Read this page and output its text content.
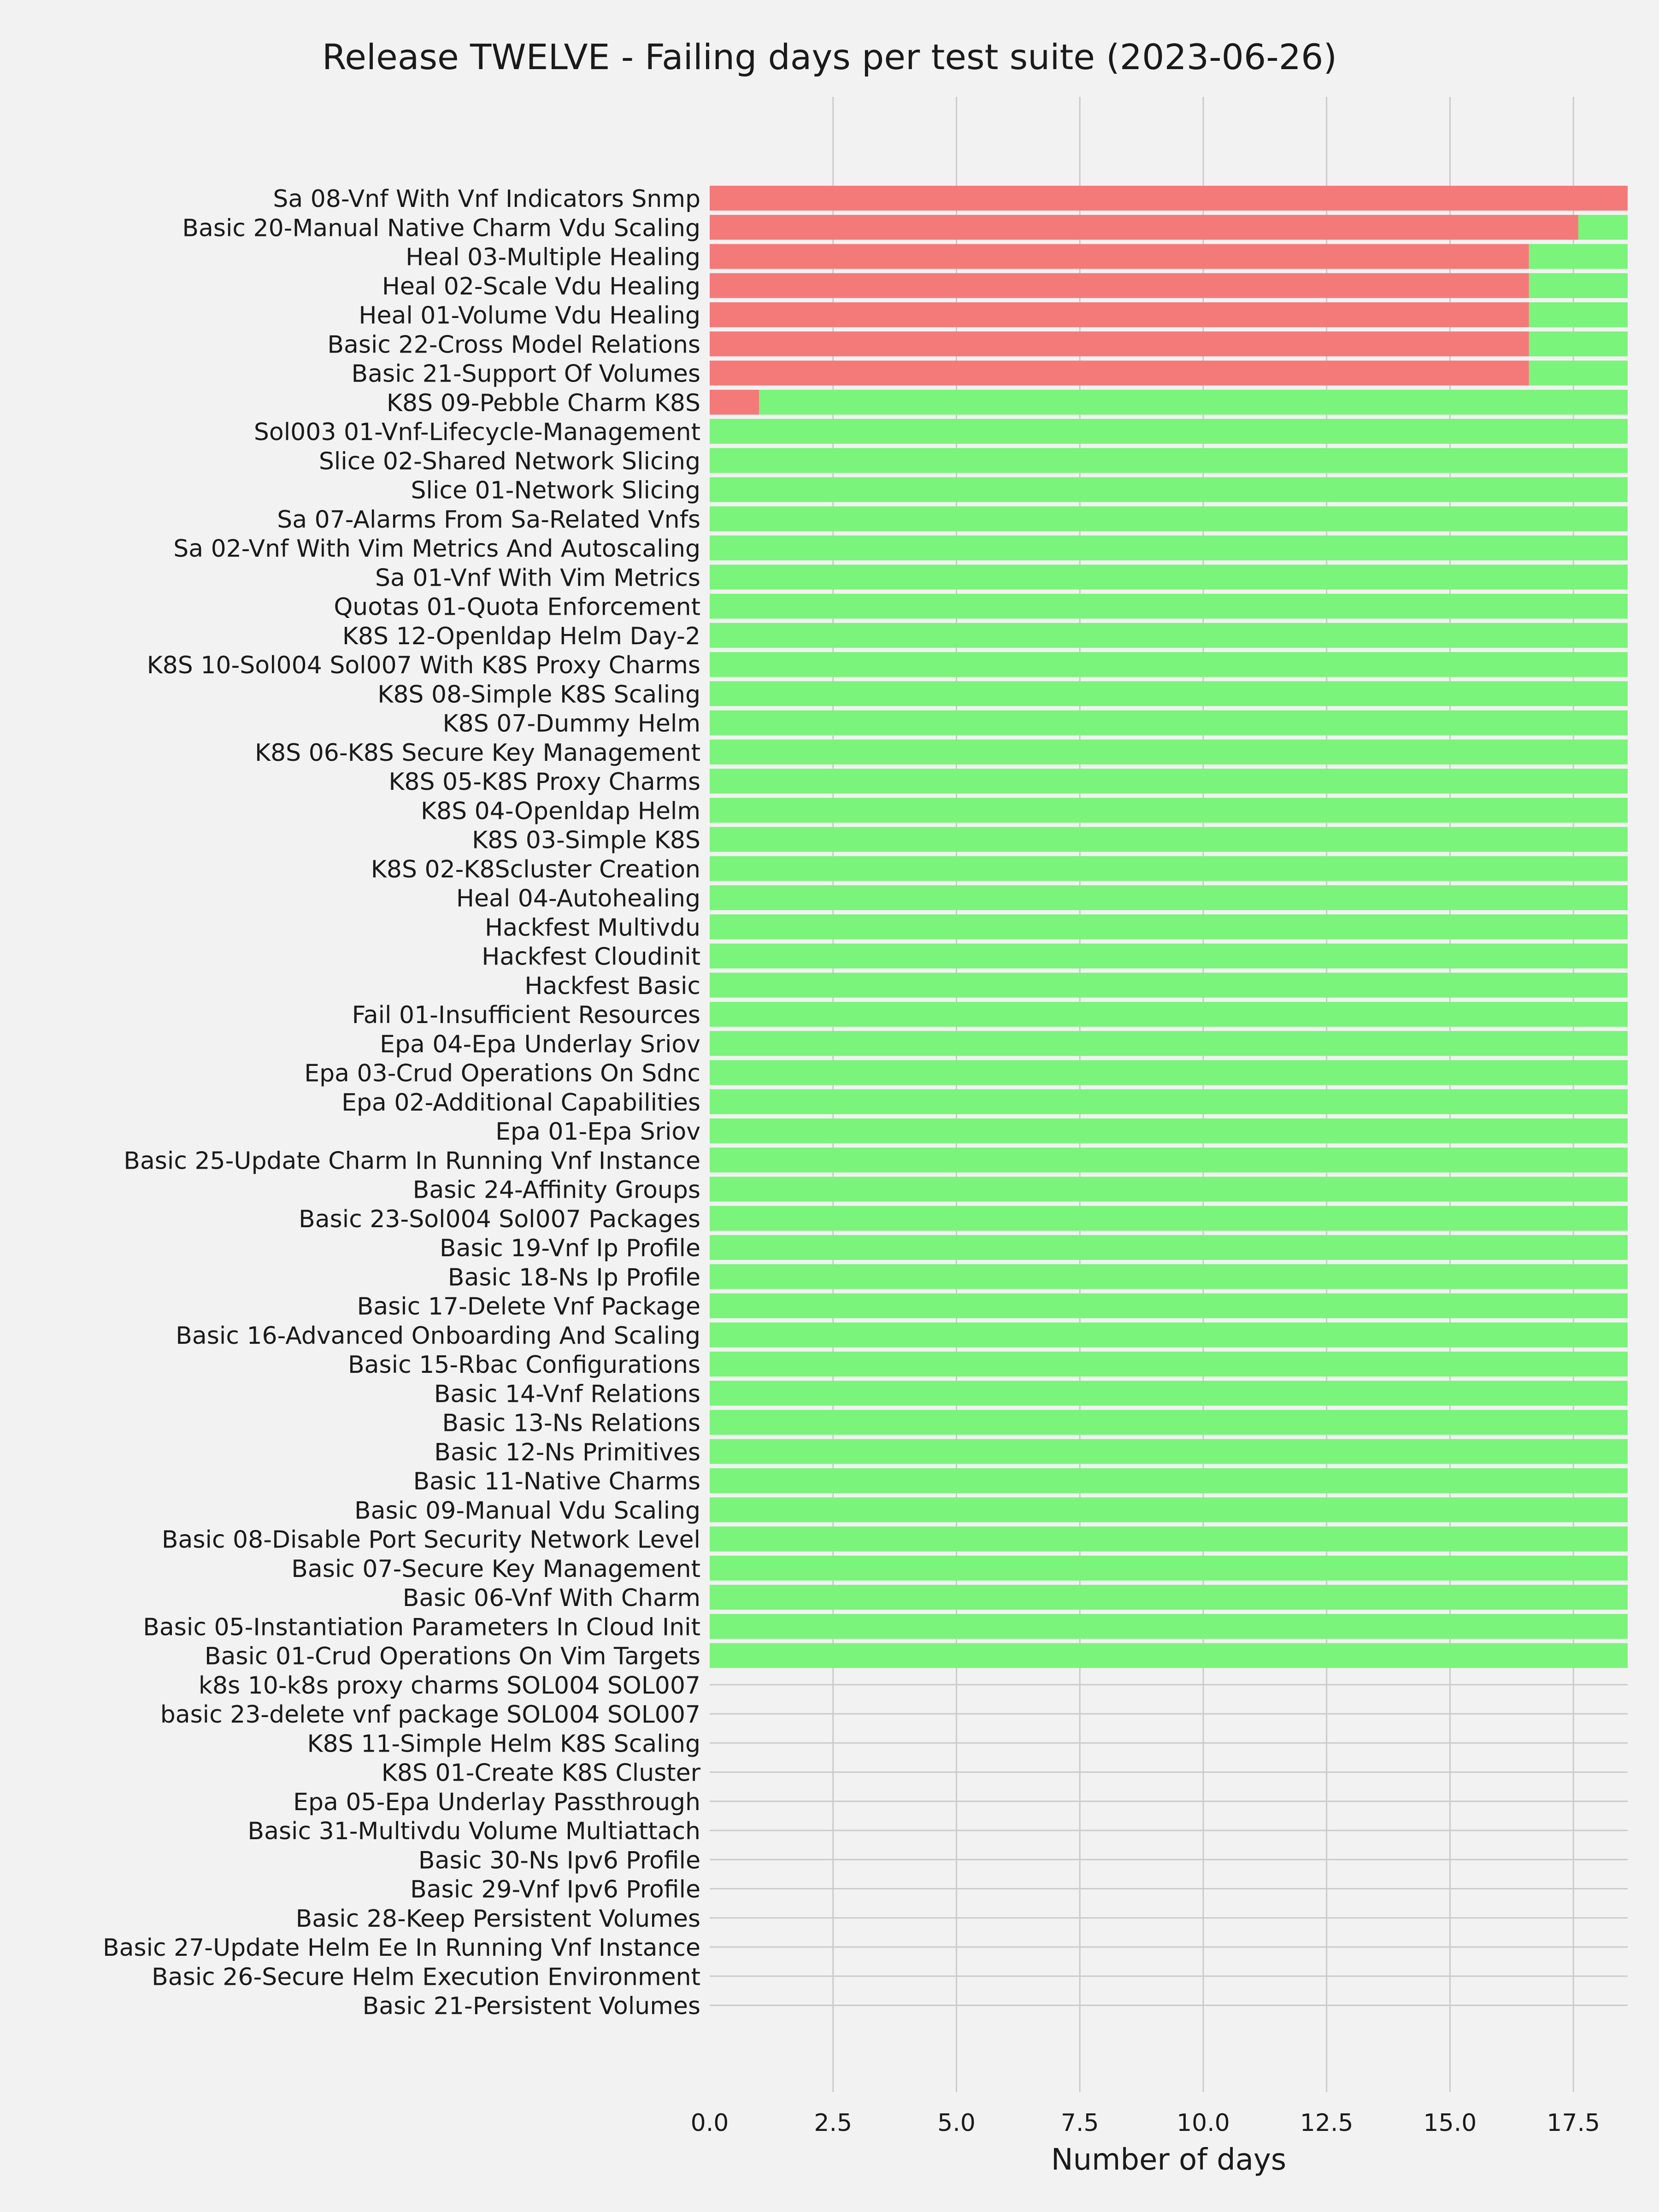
Sa 08-Vnf With Vnf Indicators Snmp
Basic 20-Manual Native Charm Vdu Scaling
Heal 03-Multiple Healing
Heal 02-Scale Vdu Healing
Heal 01-Volume Vdu Healing
Basic 22-Cross Model Relations
Basic 21-Support Of Volumes
K8S 09-Pebble Charm K8S
Sol003 01-Vnf-Lifecycle-Management
Slice 02-Shared Network Slicing
Slice 01-Network Slicing
Sa 07-Alarms From Sa-Related Vnfs
Sa 02-Vnf With Vim Metrics And Autoscaling
Sa 01-Vnf With Vim Metrics
Quotas 01-Quota Enforcement
K8S 12-Openldap Helm Day-2
K8S 10-Sol004 Sol007 With K8S Proxy Charms
K8S 08-Simple K8S Scaling
K8S 07-Dummy Helm
K8S 06-K8S Secure Key Management
K8S 05-K8S Proxy Charms
K8S 04-Openldap Helm
K8S 03-Simple K8S
K8S 02-K8Scluster Creation
Heal 04-Autohealing
Hackfest Multivdu
Hackfest Cloudinit
Hackfest Basic
Fail 01-Insufficient Resources
Epa 04-Epa Underlay Sriov
Epa 03-Crud Operations On Sdnc
Epa 02-Additional Capabilities
Epa 01-Epa Sriov
Basic 25-Update Charm In Running Vnf Instance
Basic 24-Affinity Groups
Basic 23-Sol004 Sol007 Packages
Basic 19-Vnf Ip Profile
Basic 18-Ns Ip Profile
Basic 17-Delete Vnf Package
Basic 16-Advanced Onboarding And Scaling
Basic 15-Rbac Configurations
Basic 14-Vnf Relations
Basic 13-Ns Relations
Basic 12-Ns Primitives
Basic 11-Native Charms
Basic 09-Manual Vdu Scaling
Basic 08-Disable Port Security Network Level
Basic 07-Secure Key Management
Basic 06-Vnf With Charm
Basic 05-Instantiation Parameters In Cloud Init
Basic 01-Crud Operations On Vim Targets
k8s 10-k8s proxy charms SOL004 SOL007
basic 23-delete vnf package SOL004 SOL007
K8S 11-Simple Helm K8S Scaling
K8S 01-Create K8S Cluster
Epa 05-Epa Underlay Passthrough
Basic 31-Multivdu Volume Multiattach
Basic 30-Ns Ipv6 Profile
Basic 29-Vnf Ipv6 Profile
Basic 28-Keep Persistent Volumes
Basic 27-Update Helm Ee In Running Vnf Instance
Basic 26-Secure Helm Execution Environment
Basic 21-Persistent Volumes
0.0	2.5	5.0	7.5	10.0	12.5	15.0	17.5
Release TWELVE - Failing days per test suite (2023-06-26)
Number of days
